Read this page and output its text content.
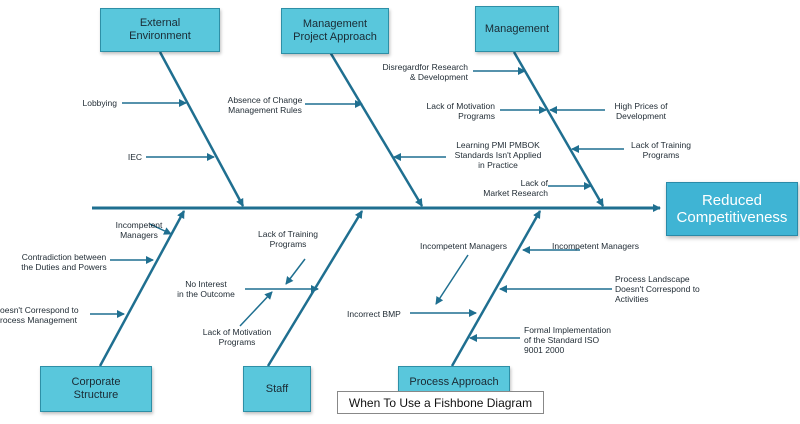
External
Environment
Management
Project Approach
Management
Corporate
Structure
Staff
Process Approach
Reduced
Competitiveness
Lobbying
IEC
Absence of Change
Management Rules
Learning PMI PMBOK
Standards Isn't Applied
in Practice
Disregardfor Research
& Development
Lack of Motivation
Programs
High Prices of
Development
Lack of Training
Programs
Lack of
Market Research
Incompetent
Managers
Contradiction between
the Duties and Powers
oesn't Correspond to
rocess Management
Lack of Training
Programs
No Interest
in the Outcome
Lack of Motivation
Programs
Incompetent Managers	Incompetent Managers
Process Landscape
Doesn't Correspond to
Activities
Incorrect BMP
Formal Implementation
of the Standard ISO
9001 2000
When To Use a Fishbone Diagram
